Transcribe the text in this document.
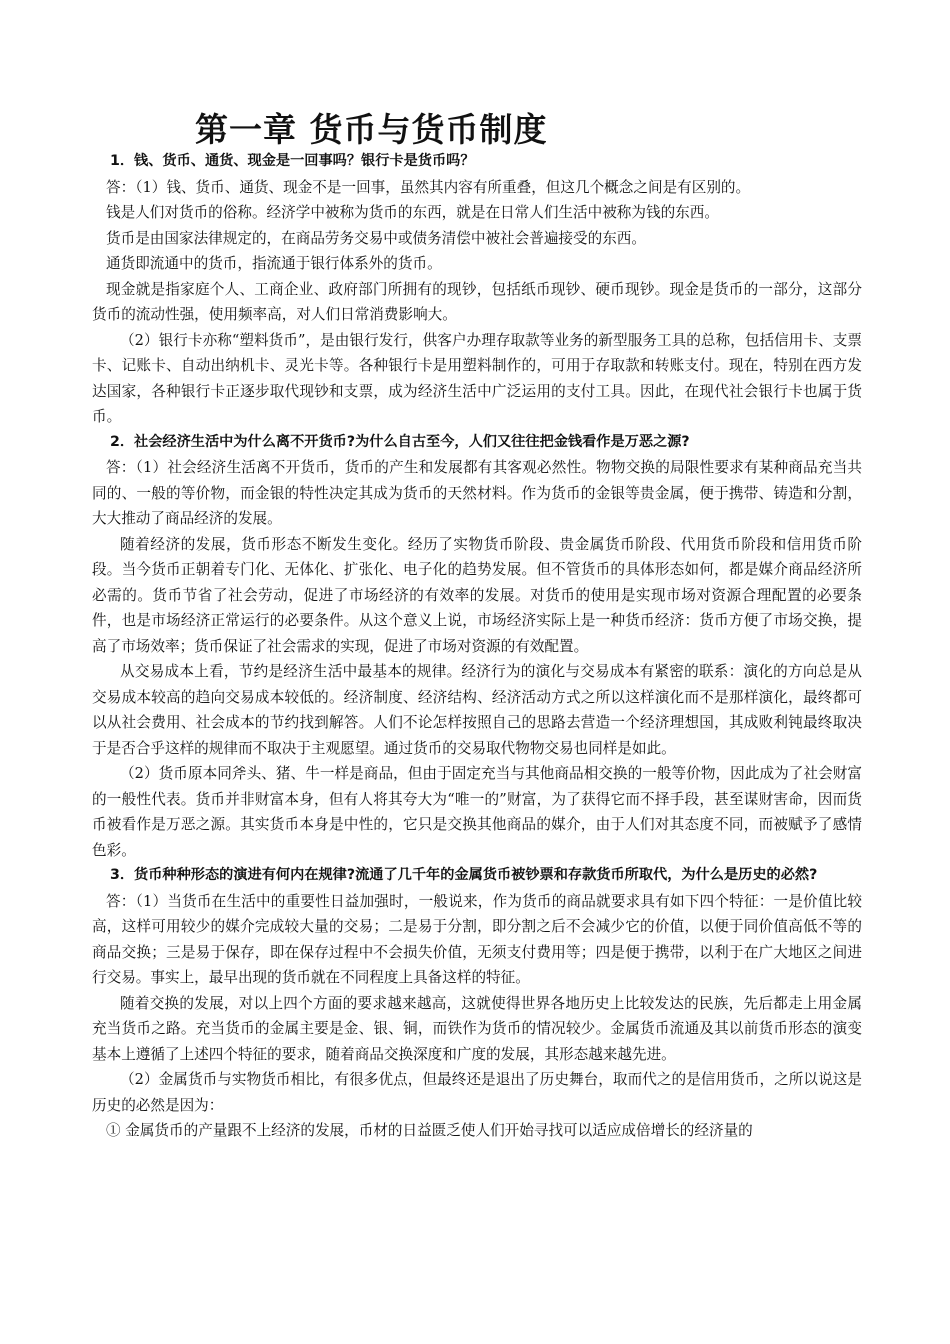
第一章 货币与货币制度

1．钱、货币、通货、现金是一回事吗？银行卡是货币吗？

答：（1）钱、货币、通货、现金不是一回事，虽然其内容有所重叠，但这几个概念之间是有区别的。

钱是人们对货币的俗称。经济学中被称为货币的东西，就是在日常人们生活中被称为钱的东西。

货币是由国家法律规定的，在商品劳务交易中或债务清偿中被社会普遍接受的东西。

通货即流通中的货币，指流通于银行体系外的货币。

现金就是指家庭个人、工商企业、政府部门所拥有的现钞，包括纸币现钞、硬币现钞。现金是货币的一部分，这部分货币的流动性强，使用频率高，对人们日常消费影响大。

（2）银行卡亦称“塑料货币”，是由银行发行，供客户办理存取款等业务的新型服务工具的总称，包括信用卡、支票卡、记账卡、自动出纳机卡、灵光卡等。各种银行卡是用塑料制作的，可用于存取款和转账支付。现在，特别在西方发达国家，各种银行卡正逐步取代现钞和支票，成为经济生活中广泛运用的支付工具。因此，在现代社会银行卡也属于货币。

2．社会经济生活中为什么离不开货币?为什么自古至今，人们又往往把金钱看作是万恶之源?

答：（1）社会经济生活离不开货币，货币的产生和发展都有其客观必然性。物物交换的局限性要求有某种商品充当共同的、一般的等价物，而金银的特性决定其成为货币的天然材料。作为货币的金银等贵金属，便于携带、铸造和分割，大大推动了商品经济的发展。

随着经济的发展，货币形态不断发生变化。经历了实物货币阶段、贵金属货币阶段、代用货币阶段和信用货币阶段。当今货币正朝着专门化、无体化、扩张化、电子化的趋势发展。但不管货币的具体形态如何，都是媒介商品经济所必需的。货币节省了社会劳动，促进了市场经济的有效率的发展。对货币的使用是实现市场对资源合理配置的必要条件，也是市场经济正常运行的必要条件。从这个意义上说，市场经济实际上是一种货币经济：货币方便了市场交换，提高了市场效率；货币保证了社会需求的实现，促进了市场对资源的有效配置。

从交易成本上看，节约是经济生活中最基本的规律。经济行为的演化与交易成本有紧密的联系：演化的方向总是从交易成本较高的趋向交易成本较低的。经济制度、经济结构、经济活动方式之所以这样演化而不是那样演化，最终都可以从社会费用、社会成本的节约找到解答。人们不论怎样按照自己的思路去营造一个经济理想国，其成败利钝最终取决于是否合乎这样的规律而不取决于主观愿望。通过货币的交易取代物物交易也同样是如此。

（2）货币原本同斧头、猪、牛一样是商品，但由于固定充当与其他商品相交换的一般等价物，因此成为了社会财富的一般性代表。货币并非财富本身，但有人将其夸大为“唯一的”财富，为了获得它而不择手段，甚至谋财害命，因而货币被看作是万恶之源。其实货币本身是中性的，它只是交换其他商品的媒介，由于人们对其态度不同，而被赋予了感情色彩。

3．货币种种形态的演进有何内在规律?流通了几千年的金属货币被钞票和存款货币所取代，为什么是历史的必然?

答：（1）当货币在生活中的重要性日益加强时，一般说来，作为货币的商品就要求具有如下四个特征：一是价值比较高，这样可用较少的媒介完成较大量的交易；二是易于分割，即分割之后不会减少它的价值，以便于同价值高低不等的商品交换；三是易于保存，即在保存过程中不会损失价值，无须支付费用等；四是便于携带，以利于在广大地区之间进行交易。事实上，最早出现的货币就在不同程度上具备这样的特征。

随着交换的发展，对以上四个方面的要求越来越高，这就使得世界各地历史上比较发达的民族，先后都走上用金属充当货币之路。充当货币的金属主要是金、银、铜，而铁作为货币的情况较少。金属货币流通及其以前货币形态的演变基本上遵循了上述四个特征的要求，随着商品交换深度和广度的发展，其形态越来越先进。

（2）金属货币与实物货币相比，有很多优点，但最终还是退出了历史舞台，取而代之的是信用货币，之所以说这是历史的必然是因为：

① 金属货币的产量跟不上经济的发展，币材的日益匮乏使人们开始寻找可以适应成倍增长的经济量的
